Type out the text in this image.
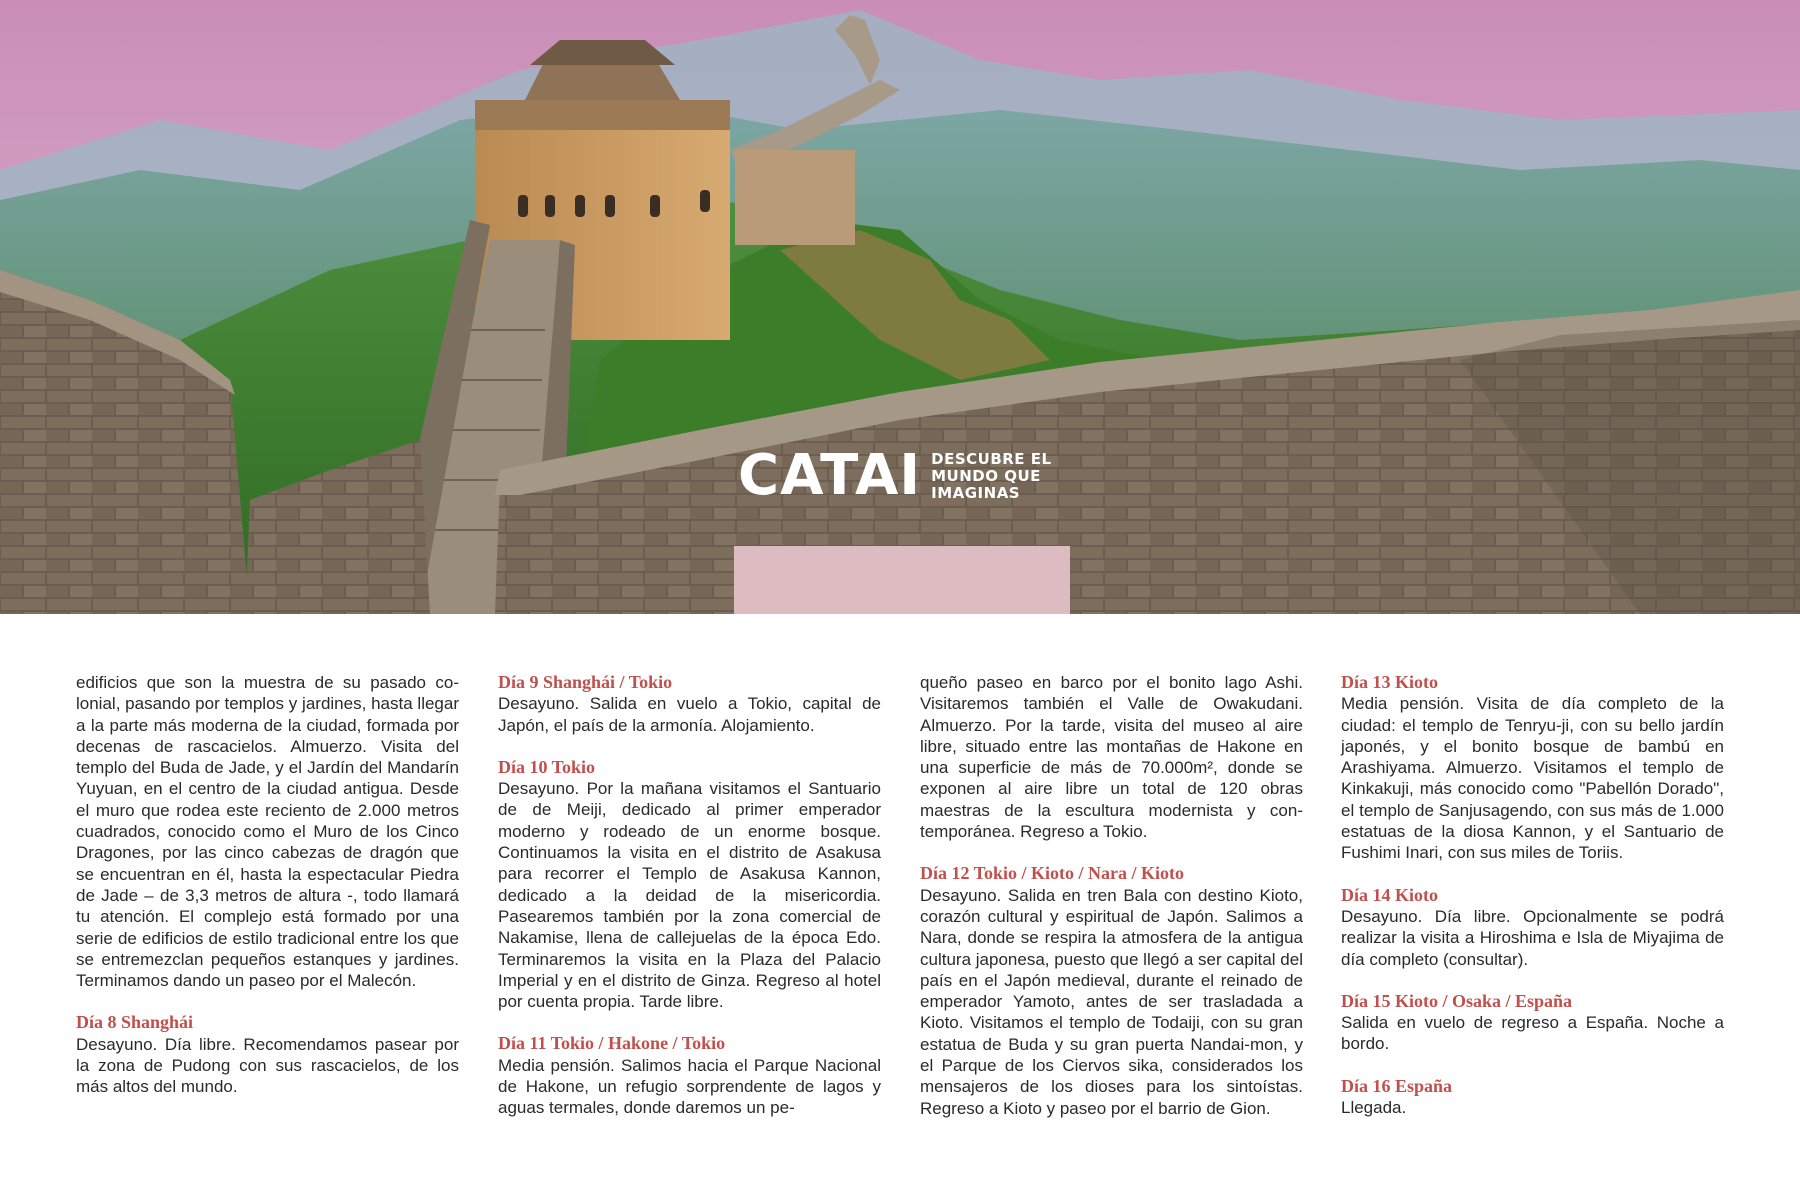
CATAI DESCUBRE EL
MUNDO QUE
IMAGINAS

edificios que son la muestra de su pasado colonial, pasando por templos y jardines, hasta llegar a la parte más moderna de la ciudad, formada por decenas de rascacielos. Almuerzo. Visita del templo del Buda de Jade, y el Jardín del Mandarín Yuyuan, en el centro de la ciudad antigua. Desde el muro que rodea este reciento de 2.000 metros cuadrados, conocido como el Muro de los Cinco Dragones, por las cinco cabezas de dragón que se encuentran en él, hasta la espectacular Piedra de Jade – de 3,3 metros de altura -, todo llamará tu atención. El complejo está formado por una serie de edificios de estilo tradicional entre los que se entremezclan pequeños estanques y jardines. Terminamos dando un paseo por el Malecón.

Día 8 Shanghái

Desayuno. Día libre. Recomendamos pasear por la zona de Pudong con sus rascacielos, de los más altos del mundo.

Día 9 Shanghái / Tokio

Desayuno. Salida en vuelo a Tokio, capital de Japón, el país de la armonía. Alojamiento.

Día 10 Tokio

Desayuno. Por la mañana visitamos el Santuario de de Meiji, dedicado al primer emperador moderno y rodeado de un enorme bosque. Continuamos la visita en el distrito de Asakusa para recorrer el Templo de Asakusa Kannon, dedicado a la deidad de la misericordia. Pasearemos también por la zona comercial de Nakamise, llena de callejuelas de la época Edo. Terminaremos la visita en la Plaza del Palacio Imperial y en el distrito de Ginza. Regreso al hotel por cuenta propia. Tarde libre.

Día 11 Tokio / Hakone / Tokio

Media pensión. Salimos hacia el Parque Nacional de Hakone, un refugio sorprendente de lagos y aguas termales, donde daremos un pe-

queño paseo en barco por el bonito lago Ashi. Visitaremos también el Valle de Owakudani. Almuerzo. Por la tarde, visita del museo al aire libre, situado entre las montañas de Hakone en una superficie de más de 70.000m², donde se exponen al aire libre un total de 120 obras maestras de la escultura modernista y contemporánea. Regreso a Tokio.

Día 12 Tokio / Kioto / Nara / Kioto

Desayuno. Salida en tren Bala con destino Kioto, corazón cultural y espiritual de Japón. Salimos a Nara, donde se respira la atmosfera de la antigua cultura japonesa, puesto que llegó a ser capital del país en el Japón medieval, durante el reinado de emperador Yamoto, antes de ser trasladada a Kioto. Visitamos el templo de Todaiji, con su gran estatua de Buda y su gran puerta Nandai-mon, y el Parque de los Ciervos sika, considerados los mensajeros de los dioses para los sintoístas. Regreso a Kioto y paseo por el barrio de Gion.

Día 13 Kioto

Media pensión. Visita de día completo de la ciudad: el templo de Tenryu-ji, con su bello jardín japonés, y el bonito bosque de bambú en Arashiyama. Almuerzo. Visitamos el templo de Kinkakuji, más conocido como "Pabellón Dorado", el templo de Sanjusagendo, con sus más de 1.000 estatuas de la diosa Kannon, y el Santuario de Fushimi Inari, con sus miles de Toriis.

Día 14 Kioto

Desayuno. Día libre. Opcionalmente se podrá realizar la visita a Hiroshima e Isla de Miyajima de día completo (consultar).

Día 15 Kioto / Osaka / España

Salida en vuelo de regreso a España. Noche a bordo.

Día 16 España

Llegada.
